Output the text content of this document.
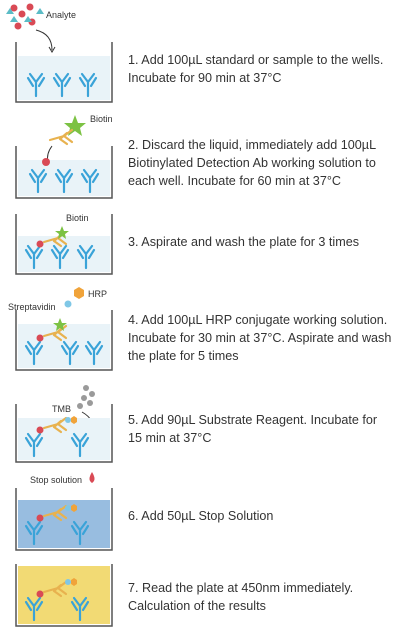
Analyte
Biotin
Biotin
HRP
Streptavidin
TMB
Stop solution
1. Add 100µL standard or sample to the wells.
Incubate for 90 min at 37°C
2. Discard the liquid, immediately add 100µL
Biotinylated Detection Ab working solution to
each well. Incubate for 60 min at 37°C
3. Aspirate and wash the plate for 3 times
4. Add 100µL HRP conjugate working solution.
Incubate for 30 min at 37°C. Aspirate and wash
the plate for 5 times
5. Add 90µL Substrate Reagent. Incubate for
15 min at 37°C
6. Add 50µL Stop Solution
7. Read the plate at 450nm immediately.
Calculation of the results
